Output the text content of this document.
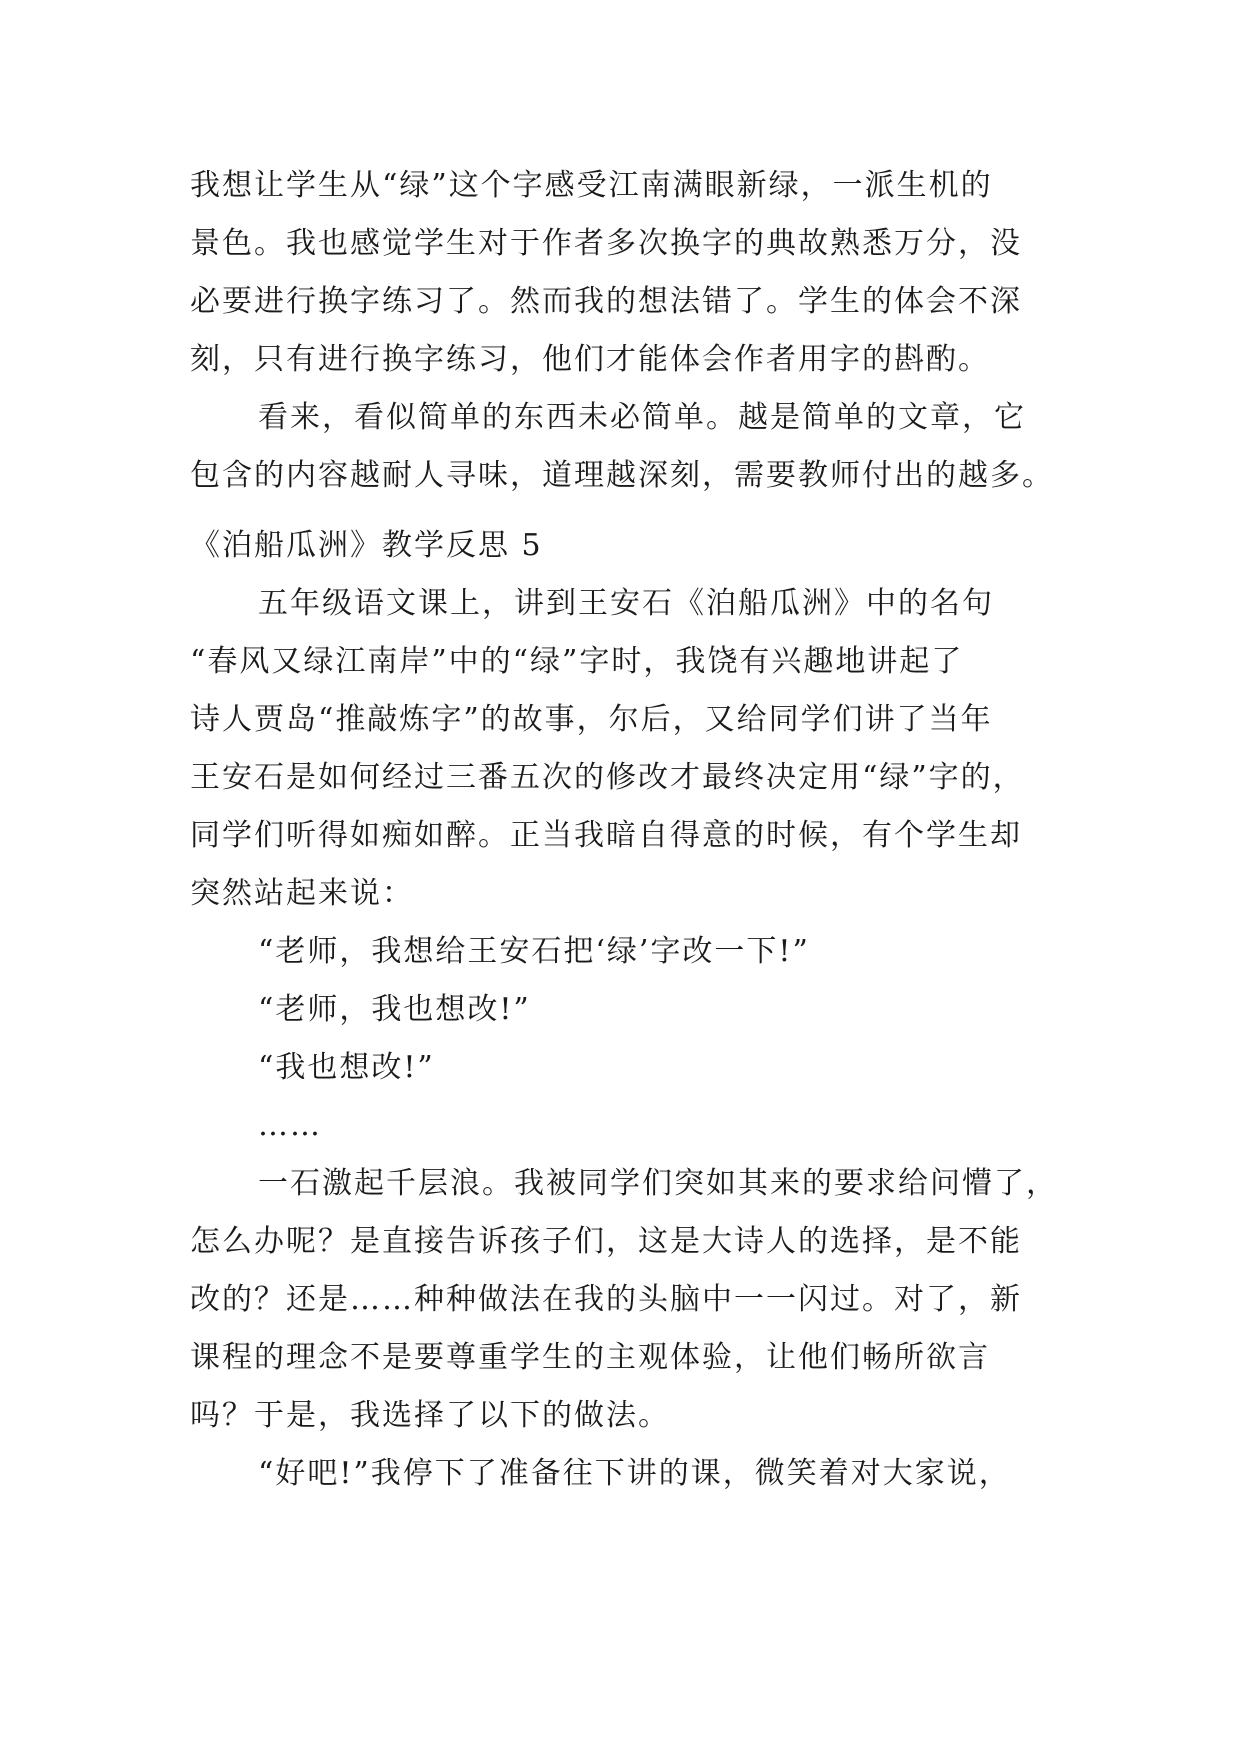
我想让学生从“绿”这个字感受江南满眼新绿，一派生机的
景色。我也感觉学生对于作者多次换字的典故熟悉万分，没
必要进行换字练习了。然而我的想法错了。学生的体会不深
刻，只有进行换字练习，他们才能体会作者用字的斟酌。
看来，看似简单的东西未必简单。越是简单的文章，它
包含的内容越耐人寻味，道理越深刻，需要教师付出的越多。
《泊船瓜洲》教学反思 5
五年级语文课上，讲到王安石《泊船瓜洲》中的名句
“春风又绿江南岸”中的“绿”字时，我饶有兴趣地讲起了
诗人贾岛“推敲炼字”的故事，尔后，又给同学们讲了当年
王安石是如何经过三番五次的修改才最终决定用“绿”字的，
同学们听得如痴如醉。正当我暗自得意的时候，有个学生却
突然站起来说：
“老师，我想给王安石把‘绿’字改一下!”
“老师，我也想改!”
“我也想改!”
……
一石激起千层浪。我被同学们突如其来的要求给问懵了，
怎么办呢？是直接告诉孩子们，这是大诗人的选择，是不能
改的？还是……种种做法在我的头脑中一一闪过。对了，新
课程的理念不是要尊重学生的主观体验，让他们畅所欲言
吗？于是，我选择了以下的做法。
“好吧!”我停下了准备往下讲的课，微笑着对大家说，
